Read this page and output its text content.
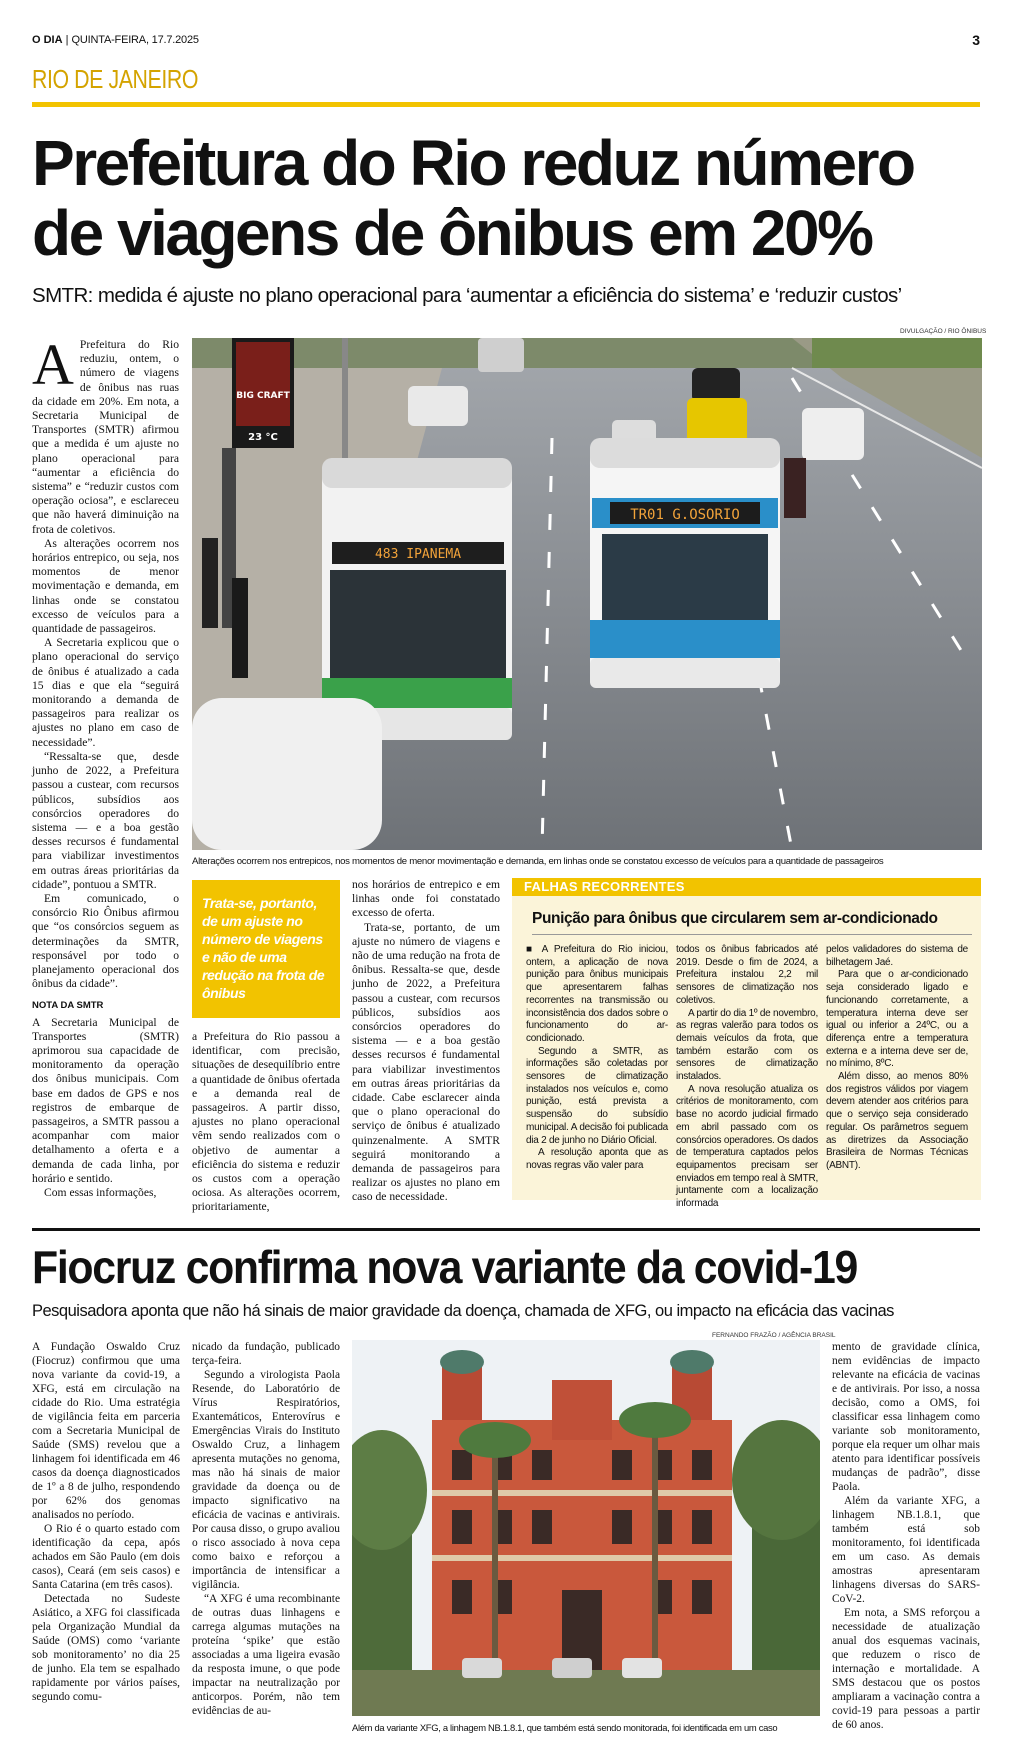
O DIA | QUINTA-FEIRA, 17.7.2025	3
RIO DE JANEIRO
Prefeitura do Rio reduz número
de viagens de ônibus em 20%
SMTR: medida é ajuste no plano operacional para ‘aumentar a eficiência do sistema’ e ‘reduzir custos’
A Prefeitura do Rio reduziu, ontem, o número de viagens de ônibus nas ruas da cidade em 20%. Em nota, a Secretaria Municipal de Transportes (SMTR) afirmou que a medida é um ajuste no plano operacional para “aumentar a eficiência do sistema” e “reduzir custos com operação ociosa”, e esclareceu que não haverá diminuição na frota de coletivos.

As alterações ocorrem nos horários entrepico, ou seja, nos momentos de menor movimentação e demanda, em linhas onde se constatou excesso de veículos para a quantidade de passageiros.

A Secretaria explicou que o plano operacional do serviço de ônibus é atualizado a cada 15 dias e que ela “seguirá monitorando a demanda de passageiros para realizar os ajustes no plano em caso de necessidade”.

“Ressalta-se que, desde junho de 2022, a Prefeitura passou a custear, com recursos públicos, subsídios aos consórcios operadores do sistema — e a boa gestão desses recursos é fundamental para viabilizar investimentos em outras áreas prioritárias da cidade”, pontuou a SMTR.

Em comunicado, o consórcio Rio Ônibus afirmou que “os consórcios seguem as determinações da SMTR, responsável por todo o planejamento operacional dos ônibus da cidade”.

NOTA DA SMTR

A Secretaria Municipal de Transportes (SMTR) aprimorou sua capacidade de monitoramento da operação dos ônibus municipais. Com base em dados de GPS e nos registros de embarque de passageiros, a SMTR passou a acompanhar com maior detalhamento a oferta e a demanda de cada linha, por horário e sentido.

Com essas informações,

DIVULGAÇÃO / RIO ÔNIBUS
BIG CRAFT
23 °C
483 IPANEMA
TR01 G.OSORIO
Alterações ocorrem nos entrepicos, nos momentos de menor movimentação e demanda, em linhas onde se constatou excesso de veículos para a quantidade de passageiros
Trata-se, portanto, de um ajuste no número de viagens e não de uma redução na frota de ônibus

a Prefeitura do Rio passou a identificar, com precisão, situações de desequilíbrio entre a quantidade de ônibus ofertada e a demanda real de passageiros. A partir disso, ajustes no plano operacional vêm sendo realizados com o objetivo de aumentar a eficiência do sistema e reduzir os custos com a operação ociosa. As alterações ocorrem, prioritariamente,

nos horários de entrepico e em linhas onde foi constatado excesso de oferta.

Trata-se, portanto, de um ajuste no número de viagens e não de uma redução na frota de ônibus. Ressalta-se que, desde junho de 2022, a Prefeitura passou a custear, com recursos públicos, subsídios aos consórcios operadores do sistema — e a boa gestão desses recursos é fundamental para viabilizar investimentos em outras áreas prioritárias da cidade. Cabe esclarecer ainda que o plano operacional do serviço de ônibus é atualizado quinzenalmente. A SMTR seguirá monitorando a demanda de passageiros para realizar os ajustes no plano em caso de necessidade.

FALHAS RECORRENTES
Punição para ônibus que circularem sem ar-condicionado

■ A Prefeitura do Rio iniciou, ontem, a aplicação de nova punição para ônibus municipais que apresentarem falhas recorrentes na transmissão ou inconsistência dos dados sobre o funcionamento do ar-condicionado.

Segundo a SMTR, as informações são coletadas por sensores de climatização instalados nos veículos e, como punição, está prevista a suspensão do subsídio municipal. A decisão foi publicada dia 2 de junho no Diário Oficial.

A resolução aponta que as novas regras vão valer para

todos os ônibus fabricados até 2019. Desde o fim de 2024, a Prefeitura instalou 2,2 mil sensores de climatização nos coletivos.

A partir do dia 1º de novembro, as regras valerão para todos os demais veículos da frota, que também estarão com os sensores de climatização instalados.

A nova resolução atualiza os critérios de monitoramento, com base no acordo judicial firmado em abril passado com os consórcios operadores. Os dados de temperatura captados pelos equipamentos precisam ser enviados em tempo real à SMTR, juntamente com a localização informada

pelos validadores do sistema de bilhetagem Jaé.

Para que o ar-condicionado seja considerado ligado e funcionando corretamente, a temperatura interna deve ser igual ou inferior a 24ºC, ou a diferença entre a temperatura externa e a interna deve ser de, no mínimo, 8ºC.

Além disso, ao menos 80% dos registros válidos por viagem devem atender aos critérios para que o serviço seja considerado regular. Os parâmetros seguem as diretrizes da Associação Brasileira de Normas Técnicas (ABNT).

Fiocruz confirma nova variante da covid-19
Pesquisadora aponta que não há sinais de maior gravidade da doença, chamada de XFG, ou impacto na eficácia das vacinas

A Fundação Oswaldo Cruz (Fiocruz) confirmou que uma nova variante da covid-19, a XFG, está em circulação na cidade do Rio. Uma estratégia de vigilância feita em parceria com a Secretaria Municipal de Saúde (SMS) revelou que a linhagem foi identificada em 46 casos da doença diagnosticados de 1º a 8 de julho, respondendo por 62% dos genomas analisados no período.

O Rio é o quarto estado com identificação da cepa, após achados em São Paulo (em dois casos), Ceará (em seis casos) e Santa Catarina (em três casos).

Detectada no Sudeste Asiático, a XFG foi classificada pela Organização Mundial da Saúde (OMS) como ‘variante sob monitoramento’ no dia 25 de junho. Ela tem se espalhado rapidamente por vários países, segundo comu-

nicado da fundação, publicado terça-feira.

Segundo a virologista Paola Resende, do Laboratório de Vírus Respiratórios, Exantemáticos, Enterovírus e Emergências Virais do Instituto Oswaldo Cruz, a linhagem apresenta mutações no genoma, mas não há sinais de maior gravidade da doença ou de impacto significativo na eficácia de vacinas e antivirais. Por causa disso, o grupo avaliou o risco associado à nova cepa como baixo e reforçou a importância de intensificar a vigilância.

“A XFG é uma recombinante de outras duas linhagens e carrega algumas mutações na proteína ‘spike’ que estão associadas a uma ligeira evasão da resposta imune, o que pode impactar na neutralização por anticorpos. Porém, não tem evidências de au-

FERNANDO FRAZÃO / AGÊNCIA BRASIL
Além da variante XFG, a linhagem NB.1.8.1, que também está sendo monitorada, foi identificada em um caso

mento de gravidade clínica, nem evidências de impacto relevante na eficácia de vacinas e de antivirais. Por isso, a nossa decisão, como a OMS, foi classificar essa linhagem como variante sob monitoramento, porque ela requer um olhar mais atento para identificar possíveis mudanças de padrão”, disse Paola.

Além da variante XFG, a linhagem NB.1.8.1, que também está sob monitoramento, foi identificada em um caso. As demais amostras apresentaram linhagens diversas do SARS-CoV-2.

Em nota, a SMS reforçou a necessidade de atualização anual dos esquemas vacinais, que reduzem o risco de internação e mortalidade. A SMS destacou que os postos ampliaram a vacinação contra a covid-19 para pessoas a partir de 60 anos.
